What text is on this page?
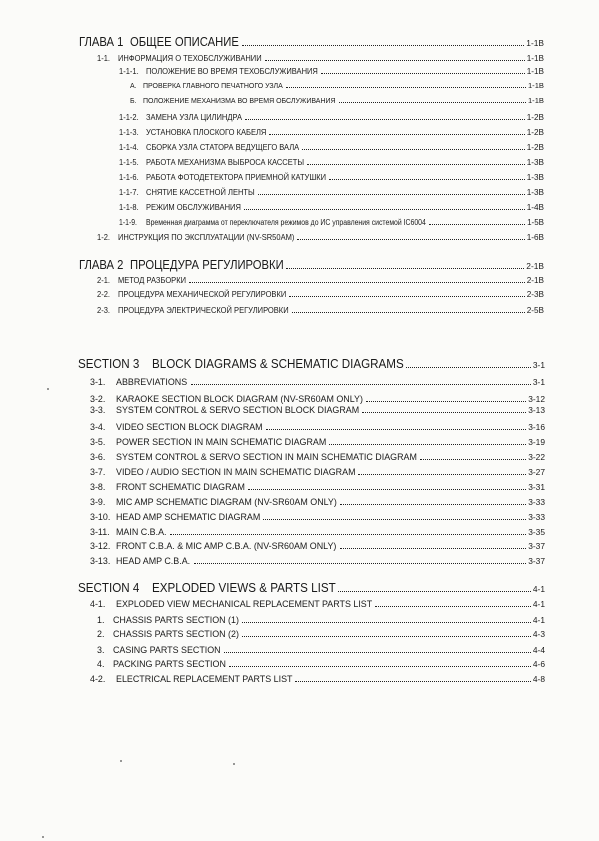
ГЛАВА 1 ОБЩЕЕ ОПИСАНИЕ	1-1В
1-1. ИНФОРМАЦИЯ О ТЕХОБСЛУЖИВАНИИ	1-1В
1-1-1. ПОЛОЖЕНИЕ ВО ВРЕМЯ ТЕХОБСЛУЖИВАНИЯ	1-1В
А. ПРОВЕРКА ГЛАВНОГО ПЕЧАТНОГО УЗЛА	1-1В
Б. ПОЛОЖЕНИЕ МЕХАНИЗМА ВО ВРЕМЯ ОБСЛУЖИВАНИЯ	1-1В
1-1-2. ЗАМЕНА УЗЛА ЦИЛИНДРА	1-2В
1-1-3. УСТАНОВКА ПЛОСКОГО КАБЕЛЯ	1-2В
1-1-4. СБОРКА УЗЛА СТАТОРА ВЕДУЩЕГО ВАЛА	1-2В
1-1-5. РАБОТА МЕХАНИЗМА ВЫБРОСА КАССЕТЫ	1-3В
1-1-6. РАБОТА ФОТОДЕТЕКТОРА ПРИЕМНОЙ КАТУШКИ	1-3В
1-1-7. СНЯТИЕ КАССЕТНОЙ ЛЕНТЫ	1-3В
1-1-8. РЕЖИМ ОБСЛУЖИВАНИЯ	1-4В
1-1-9.	Временная диаграмма от переключателя режимов до ИС управления системой IC6004	1-5В
1-2. ИНСТРУКЦИЯ ПО ЭКСПЛУАТАЦИИ (NV-SR50AM)	1-6В
ГЛАВА 2 ПРОЦЕДУРА РЕГУЛИРОВКИ	2-1В
2-1. МЕТОД РАЗБОРКИ	2-1В
2-2. ПРОЦЕДУРА МЕХАНИЧЕСКОЙ РЕГУЛИРОВКИ	2-3В
2-3. ПРОЦЕДУРА ЭЛЕКТРИЧЕСКОЙ РЕГУЛИРОВКИ	2-5В
SECTION 3	BLOCK DIAGRAMS & SCHEMATIC DIAGRAMS	3-1
3-1.	ABBREVIATIONS	3-1
3-2.	KARAOKE SECTION BLOCK DIAGRAM (NV-SR60AM ONLY)	3-12
3-3.	SYSTEM CONTROL & SERVO SECTION BLOCK DIAGRAM	3-13
3-4.	VIDEO SECTION BLOCK DIAGRAM	3-16
3-5.	POWER SECTION IN MAIN SCHEMATIC DIAGRAM	3-19
3-6.	SYSTEM CONTROL & SERVO SECTION IN MAIN SCHEMATIC DIAGRAM	3-22
3-7.	VIDEO / AUDIO SECTION IN MAIN SCHEMATIC DIAGRAM	3-27
3-8.	FRONT SCHEMATIC DIAGRAM	3-31
3-9.	MIC AMP SCHEMATIC DIAGRAM (NV-SR60AM ONLY)	3-33
3-10. HEAD AMP SCHEMATIC DIAGRAM	3-33
3-11. MAIN C.B.A.	3-35
3-12. FRONT C.B.A. & MIC AMP C.B.A. (NV-SR60AM ONLY)	3-37
3-13. HEAD AMP C.B.A.	3-37
SECTION 4	EXPLODED VIEWS & PARTS LIST	4-1
4-1.	EXPLODED VIEW MECHANICAL REPLACEMENT PARTS LIST	4-1
1. CHASSIS PARTS SECTION (1)	4-1
2. CHASSIS PARTS SECTION (2)	4-3
3. CASING PARTS SECTION	4-4
4. PACKING PARTS SECTION	4-6
4-2.	ELECTRICAL REPLACEMENT PARTS LIST	4-8
